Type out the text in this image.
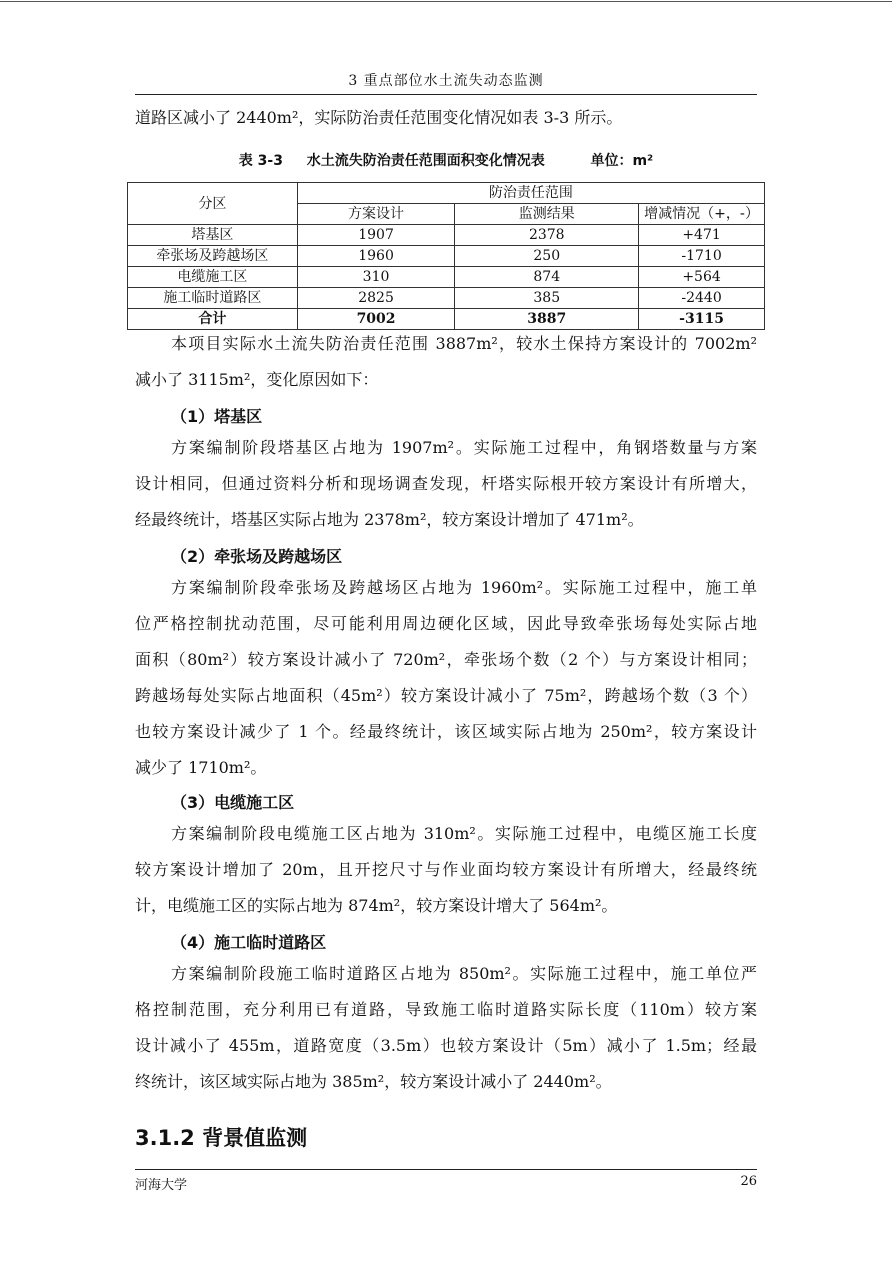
3 重点部位水土流失动态监测
道路区减小了 2440m²，实际防治责任范围变化情况如表 3-3 所示。
表 3-3 水土流失防治责任范围面积变化情况表	单位：m²
分区	防治责任范围		
	方案设计	监测结果	增减情况（+，-）
塔基区	1907	2378	+471
牵张场及跨越场区	1960	250	-1710
电缆施工区	310	874	+564
施工临时道路区	2825	385	-2440
合计	7002	3887	-3115
本项目实际水土流失防治责任范围 3887m²，较水土保持方案设计的 7002m²
减小了 3115m²，变化原因如下：
（1）塔基区
方案编制阶段塔基区占地为 1907m²。实际施工过程中，角钢塔数量与方案
设计相同，但通过资料分析和现场调查发现，杆塔实际根开较方案设计有所增大，
经最终统计，塔基区实际占地为 2378m²，较方案设计增加了 471m²。
（2）牵张场及跨越场区
方案编制阶段牵张场及跨越场区占地为 1960m²。实际施工过程中，施工单
位严格控制扰动范围，尽可能利用周边硬化区域，因此导致牵张场每处实际占地
面积（80m²）较方案设计减小了 720m²，牵张场个数（2 个）与方案设计相同；
跨越场每处实际占地面积（45m²）较方案设计减小了 75m²，跨越场个数（3 个）
也较方案设计减少了 1 个。经最终统计，该区域实际占地为 250m²，较方案设计
减少了 1710m²。
（3）电缆施工区
方案编制阶段电缆施工区占地为 310m²。实际施工过程中，电缆区施工长度
较方案设计增加了 20m，且开挖尺寸与作业面均较方案设计有所增大，经最终统
计，电缆施工区的实际占地为 874m²，较方案设计增大了 564m²。
（4）施工临时道路区
方案编制阶段施工临时道路区占地为 850m²。实际施工过程中，施工单位严
格控制范围，充分利用已有道路，导致施工临时道路实际长度（110m）较方案
设计减小了 455m，道路宽度（3.5m）也较方案设计（5m）减小了 1.5m；经最
终统计，该区域实际占地为 385m²，较方案设计减小了 2440m²。
3.1.2 背景值监测
河海大学	26
